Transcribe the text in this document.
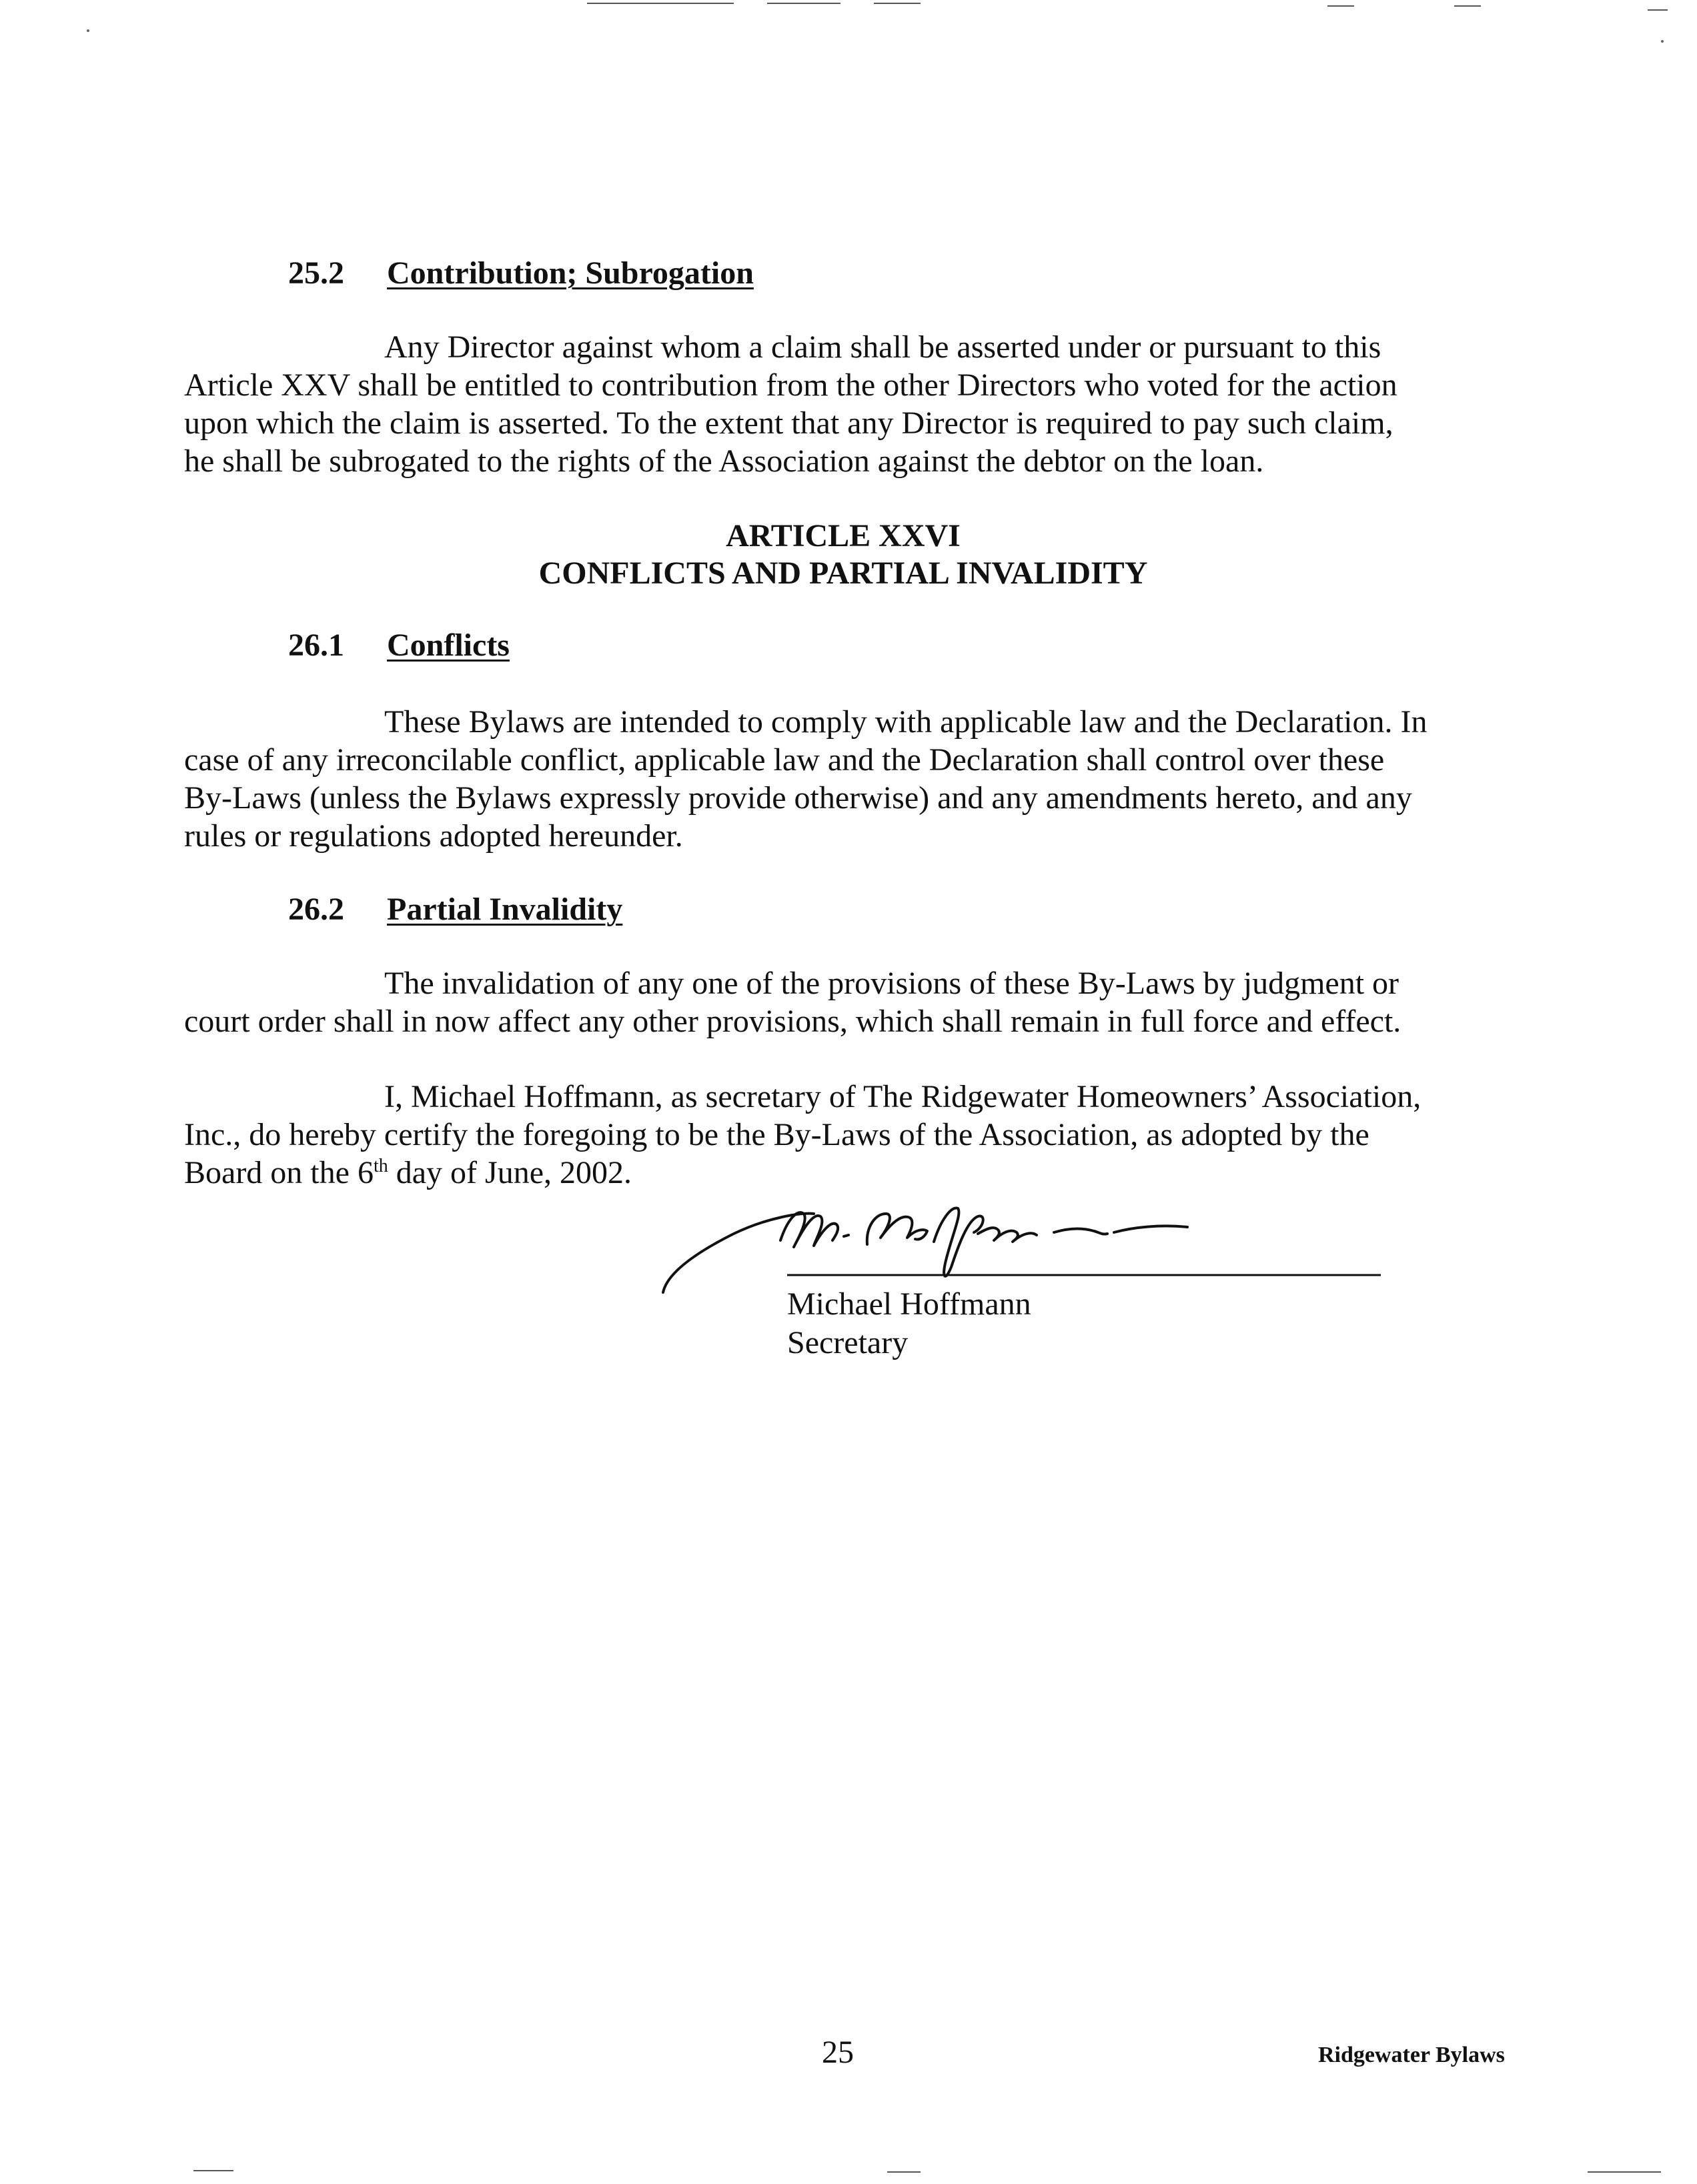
25.2 Contribution; Subrogation
Any Director against whom a claim shall be asserted under or pursuant to this
Article XXV shall be entitled to contribution from the other Directors who voted for the action
upon which the claim is asserted. To the extent that any Director is required to pay such claim,
he shall be subrogated to the rights of the Association against the debtor on the loan.
ARTICLE XXVI
CONFLICTS AND PARTIAL INVALIDITY
26.1 Conflicts
These Bylaws are intended to comply with applicable law and the Declaration. In
case of any irreconcilable conflict, applicable law and the Declaration shall control over these
By-Laws (unless the Bylaws expressly provide otherwise) and any amendments hereto, and any
rules or regulations adopted hereunder.
26.2 Partial Invalidity
The invalidation of any one of the provisions of these By-Laws by judgment or
court order shall in now affect any other provisions, which shall remain in full force and effect.
I, Michael Hoffmann, as secretary of The Ridgewater Homeowners’ Association,
Inc., do hereby certify the foregoing to be the By-Laws of the Association, as adopted by the
Board on the 6th day of June, 2002.
Michael Hoffmann
Secretary
25	Ridgewater Bylaws
